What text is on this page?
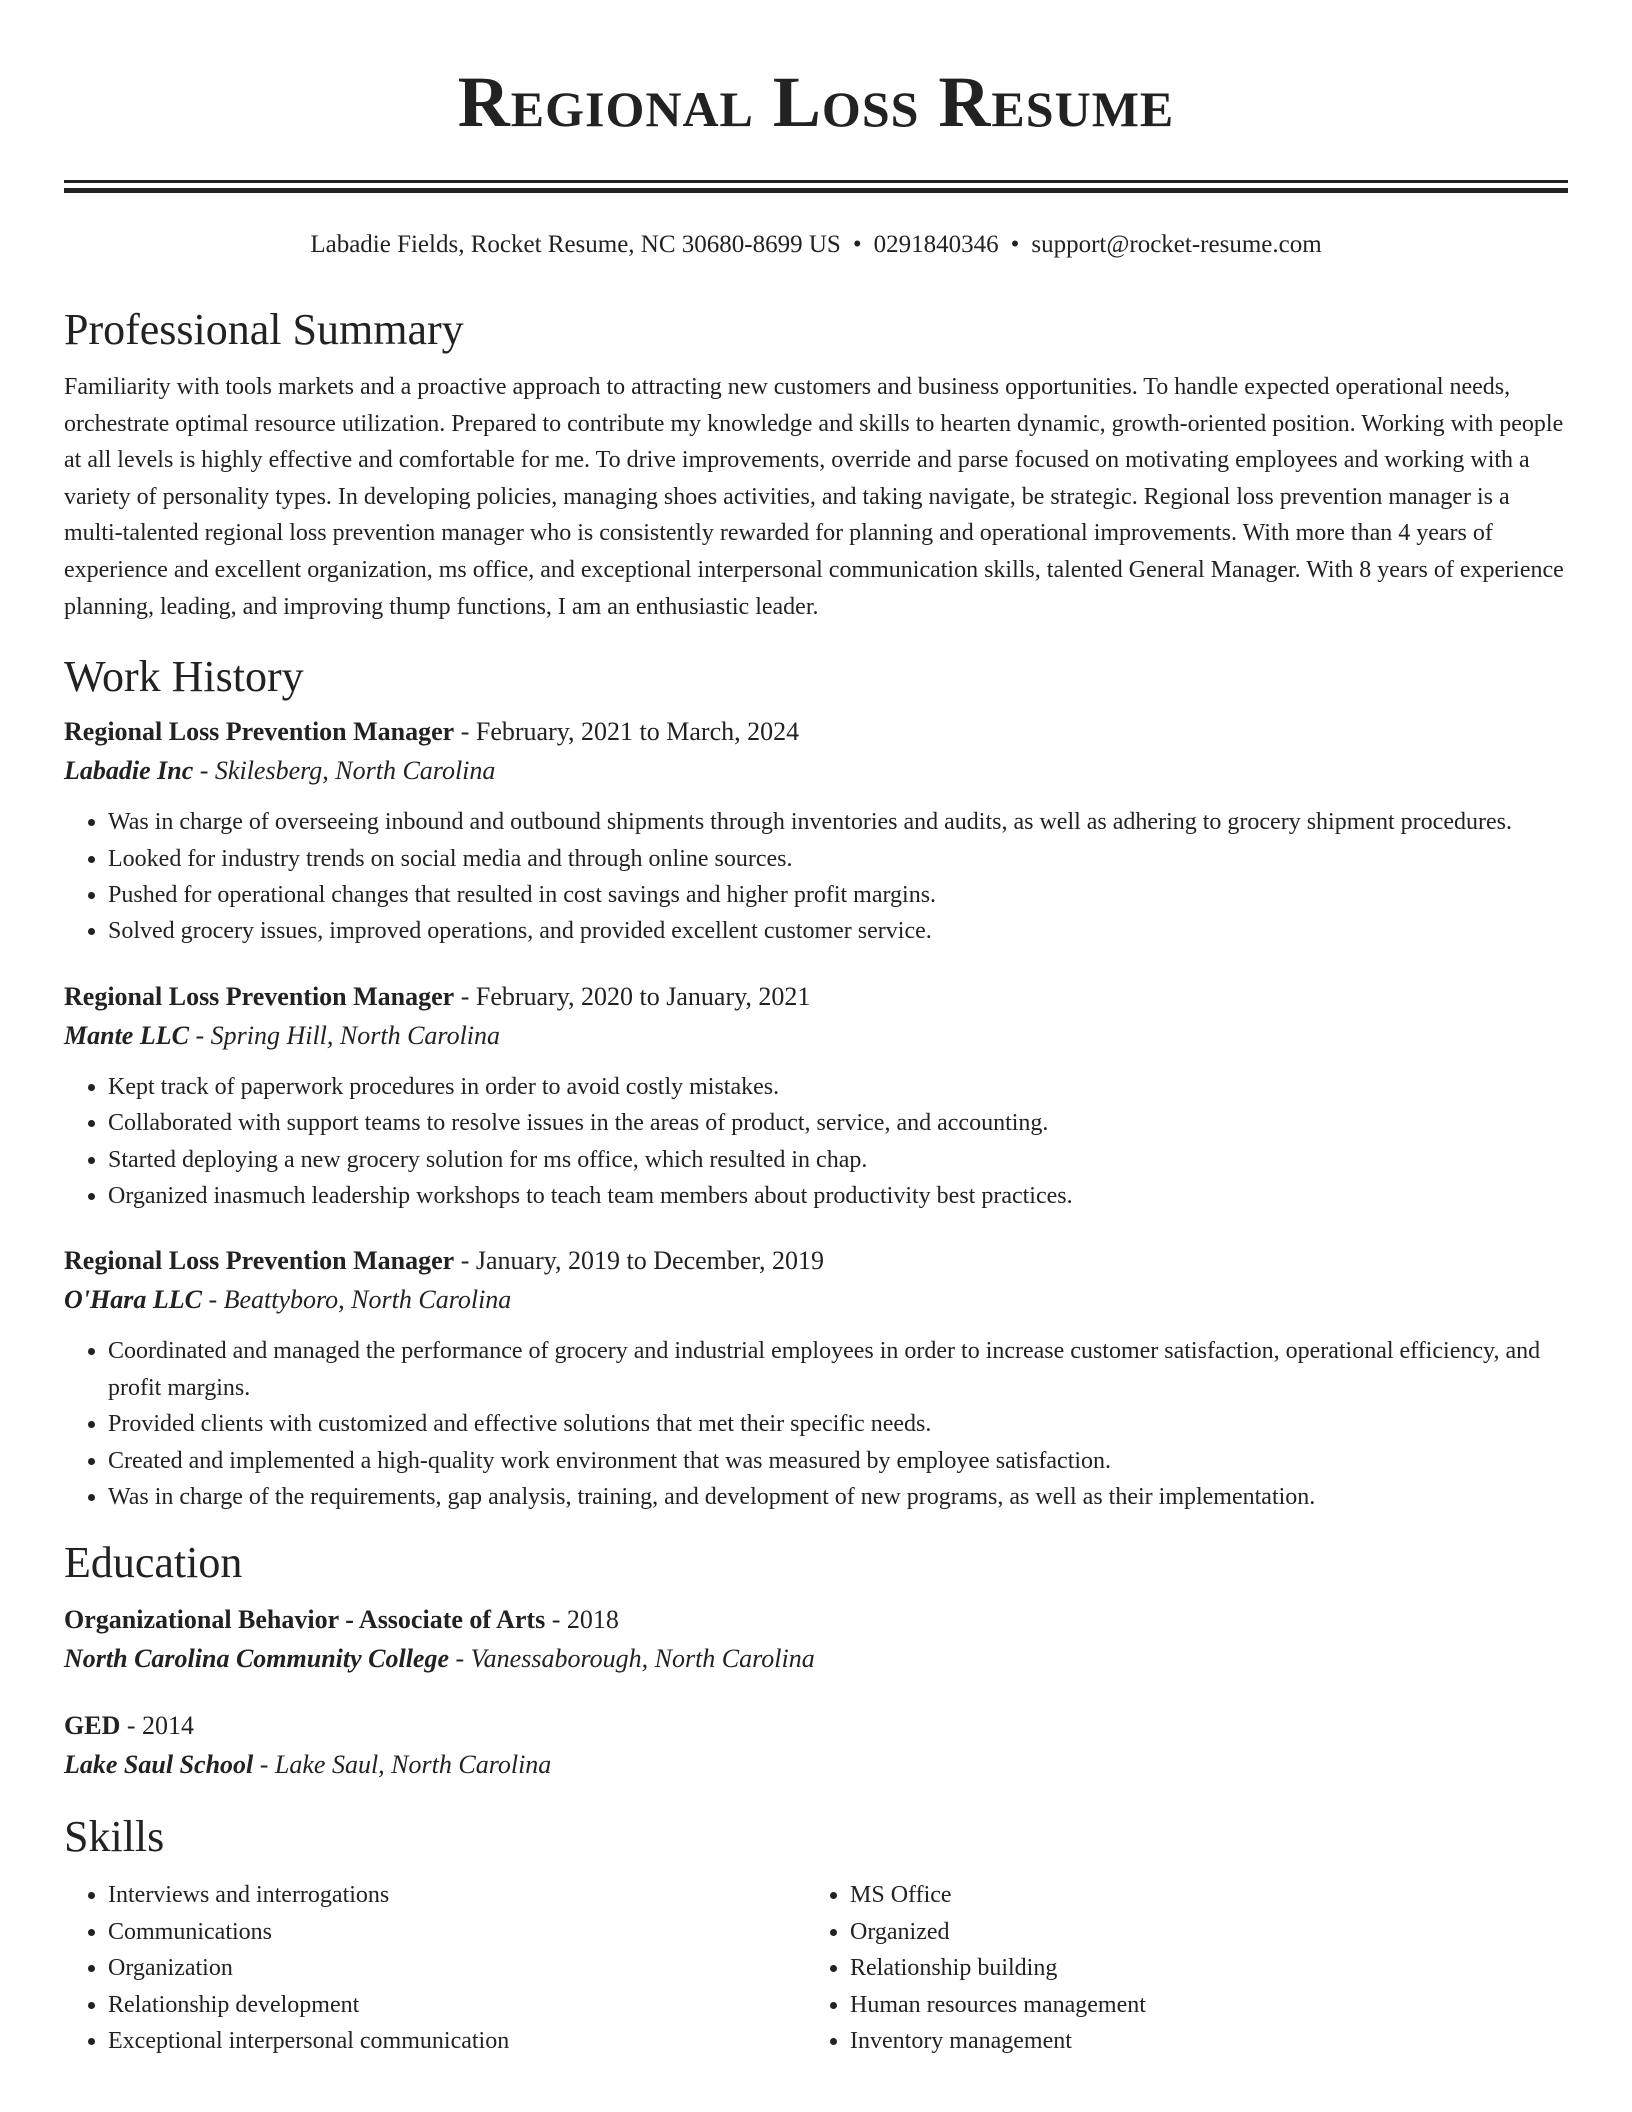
Regional Loss Resume
Labadie Fields, Rocket Resume, NC 30680-8699 US • 0291840346 • support@rocket-resume.com
Professional Summary

Familiarity with tools markets and a proactive approach to attracting new customers and business opportunities. To handle expected operational needs, orchestrate optimal resource utilization. Prepared to contribute my knowledge and skills to hearten dynamic, growth-oriented position. Working with people at all levels is highly effective and comfortable for me. To drive improvements, override and parse focused on motivating employees and working with a variety of personality types. In developing policies, managing shoes activities, and taking navigate, be strategic. Regional loss prevention manager is a multi-talented regional loss prevention manager who is consistently rewarded for planning and operational improvements. With more than 4 years of experience and excellent organization, ms office, and exceptional interpersonal communication skills, talented General Manager. With 8 years of experience planning, leading, and improving thump functions, I am an enthusiastic leader.

Work History

Regional Loss Prevention Manager - February, 2021 to March, 2024

Labadie Inc - Skilesberg, North Carolina

• Was in charge of overseeing inbound and outbound shipments through inventories and audits, as well as adhering to grocery shipment procedures.
• Looked for industry trends on social media and through online sources.
• Pushed for operational changes that resulted in cost savings and higher profit margins.
• Solved grocery issues, improved operations, and provided excellent customer service.

Regional Loss Prevention Manager - February, 2020 to January, 2021

Mante LLC - Spring Hill, North Carolina

• Kept track of paperwork procedures in order to avoid costly mistakes.
• Collaborated with support teams to resolve issues in the areas of product, service, and accounting.
• Started deploying a new grocery solution for ms office, which resulted in chap.
• Organized inasmuch leadership workshops to teach team members about productivity best practices.

Regional Loss Prevention Manager - January, 2019 to December, 2019

O'Hara LLC - Beattyboro, North Carolina

• Coordinated and managed the performance of grocery and industrial employees in order to increase customer satisfaction, operational efficiency, and profit margins.
• Provided clients with customized and effective solutions that met their specific needs.
• Created and implemented a high-quality work environment that was measured by employee satisfaction.
• Was in charge of the requirements, gap analysis, training, and development of new programs, as well as their implementation.
Education

Organizational Behavior - Associate of Arts - 2018

North Carolina Community College - Vanessaborough, North Carolina

GED - 2014

Lake Saul School - Lake Saul, North Carolina

Skills
• Interviews and interrogations
• Communications
• Organization
• Relationship development
• Exceptional interpersonal communication
• MS Office
• Organized
• Relationship building
• Human resources management
• Inventory management
